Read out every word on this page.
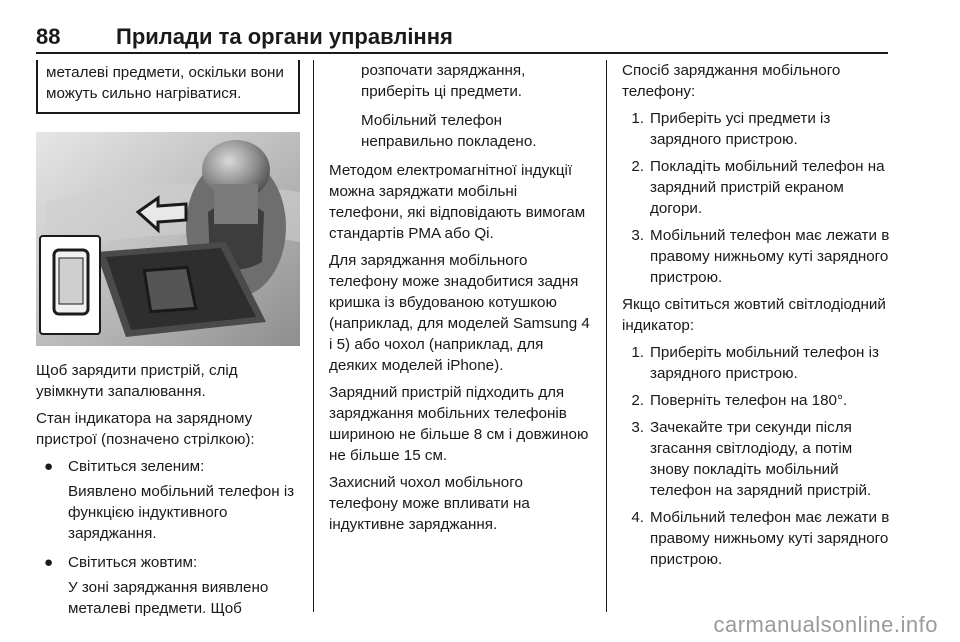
88	Прилади та органи управління
металеві предмети, оскільки вони можуть сильно нагріватися.

Щоб зарядити пристрій, слід увімкнути запалювання.

Стан індикатора на зарядному пристрої (позначено стрілкою):

● Світиться зеленим:
Виявлено мобільний телефон із функцією індуктивного заряджання.
● Світиться жовтим:
У зоні заряджання виявлено металеві предмети. Щоб
розпочати заряджання, приберіть ці предмети.
Мобільний телефон неправильно покладено.

Методом електромагнітної індукції можна заряджати мобільні телефони, які відповідають вимогам стандартів PMA або Qi.

Для заряджання мобільного телефону може знадобитися задня кришка із вбудованою котушкою (наприклад, для моделей Samsung 4 і 5) або чохол (наприклад, для деяких моделей iPhone).

Зарядний пристрій підходить для заряджання мобільних телефонів шириною не більше 8 см і довжиною не більше 15 см.

Захисний чохол мобільного телефону може впливати на індуктивне заряджання.

Спосіб заряджання мобільного телефону:

1. Приберіть усі предмети із зарядного пристрою.
2. Покладіть мобільний телефон на зарядний пристрій екраном догори.
3. Мобільний телефон має лежати в правому нижньому куті зарядного пристрою.

Якщо світиться жовтий світлодіодний індикатор:

1. Приберіть мобільний телефон із зарядного пристрою.
2. Поверніть телефон на 180°.
3. Зачекайте три секунди після згасання світлодіоду, а потім знову покладіть мобільний телефон на зарядний пристрій.
4. Мобільний телефон має лежати в правому нижньому куті зарядного пристрою.
carmanualsonline.info
